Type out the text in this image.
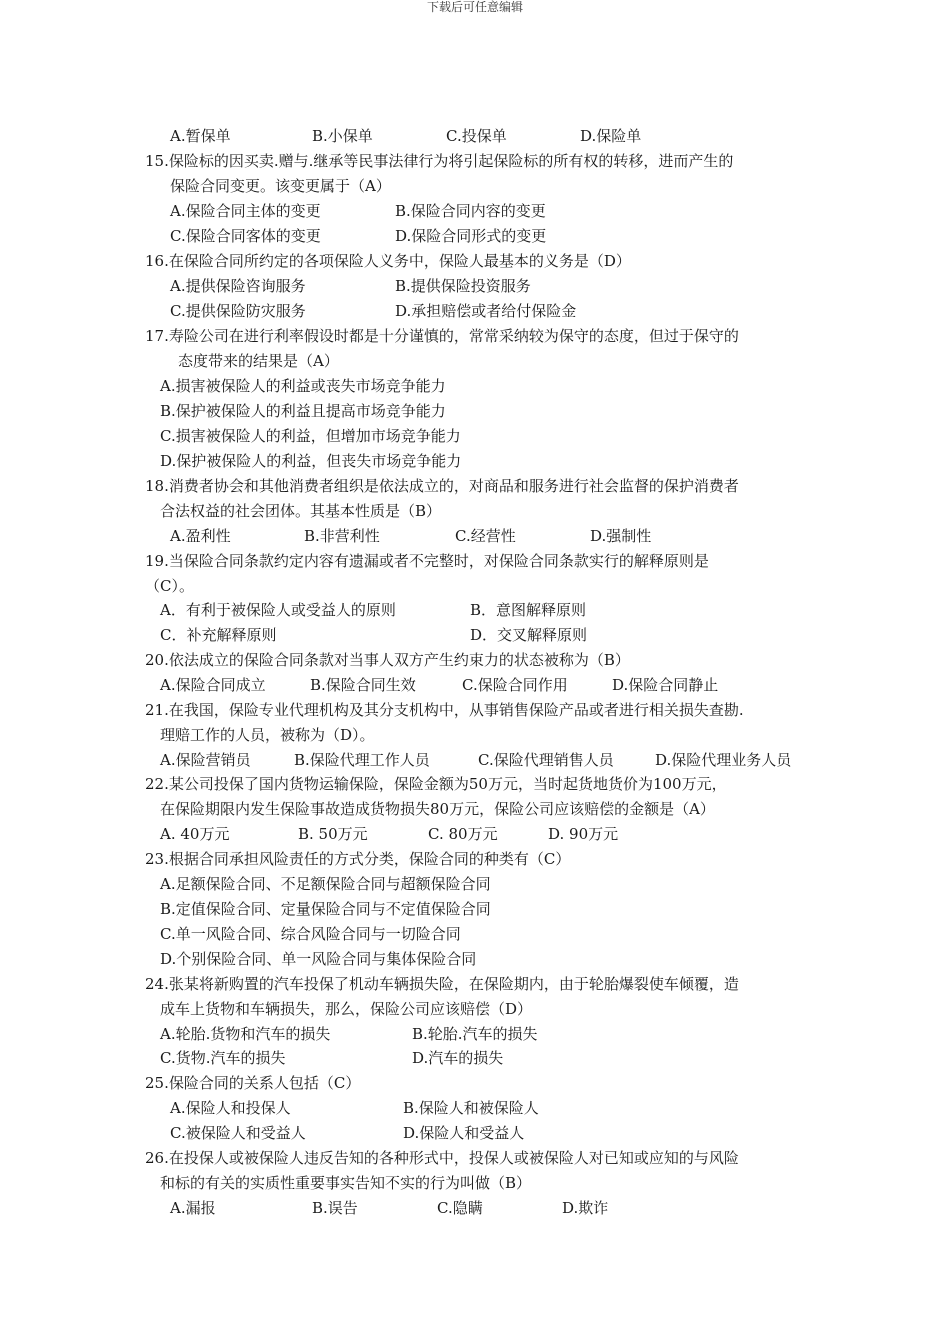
下载后可任意编辑
A.暂保单	B.小保单	C.投保单	D.保险单
15.保险标的因买卖.赠与.继承等民事法律行为将引起保险标的所有权的转移，进而产生的
保险合同变更。该变更属于（A）
A.保险合同主体的变更	B.保险合同内容的变更
C.保险合同客体的变更	D.保险合同形式的变更
16.在保险合同所约定的各项保险人义务中，保险人最基本的义务是（D）
A.提供保险咨询服务	B.提供保险投资服务
C.提供保险防灾服务	D.承担赔偿或者给付保险金
17.寿险公司在进行利率假设时都是十分谨慎的，常常采纳较为保守的态度，但过于保守的
态度带来的结果是（A）
A.损害被保险人的利益或丧失市场竞争能力
B.保护被保险人的利益且提高市场竞争能力
C.损害被保险人的利益，但增加市场竞争能力
D.保护被保险人的利益，但丧失市场竞争能力
18.消费者协会和其他消费者组织是依法成立的，对商品和服务进行社会监督的保护消费者
合法权益的社会团体。其基本性质是（B）
A.盈利性	B.非营利性	C.经营性	D.强制性
19.当保险合同条款约定内容有遗漏或者不完整时，对保险合同条款实行的解释原则是
（C）。
A．有利于被保险人或受益人的原则	B．意图解释原则
C．补充解释原则	D．交叉解释原则
20.依法成立的保险合同条款对当事人双方产生约束力的状态被称为（B）
A.保险合同成立	B.保险合同生效	C.保险合同作用	D.保险合同静止
21.在我国，保险专业代理机构及其分支机构中，从事销售保险产品或者进行相关损失查勘.
理赔工作的人员，被称为（D）。
A.保险营销员	B.保险代理工作人员	C.保险代理销售人员	D.保险代理业务人员
22.某公司投保了国内货物运输保险，保险金额为50万元，当时起货地货价为100万元，
在保险期限内发生保险事故造成货物损失80万元，保险公司应该赔偿的金额是（A）
A. 40万元	B. 50万元	C. 80万元	D. 90万元
23.根据合同承担风险责任的方式分类，保险合同的种类有（C）
A.足额保险合同、不足额保险合同与超额保险合同
B.定值保险合同、定量保险合同与不定值保险合同
C.单一风险合同、综合风险合同与一切险合同
D.个别保险合同、单一风险合同与集体保险合同
24.张某将新购置的汽车投保了机动车辆损失险，在保险期内，由于轮胎爆裂使车倾覆，造
成车上货物和车辆损失，那么，保险公司应该赔偿（D）
A.轮胎.货物和汽车的损失	B.轮胎.汽车的损失
C.货物.汽车的损失	D.汽车的损失
25.保险合同的关系人包括（C）
A.保险人和投保人	B.保险人和被保险人
C.被保险人和受益人	D.保险人和受益人
26.在投保人或被保险人违反告知的各种形式中，投保人或被保险人对已知或应知的与风险
和标的有关的实质性重要事实告知不实的行为叫做（B）
A.漏报	B.误告	C.隐瞒	D.欺诈
